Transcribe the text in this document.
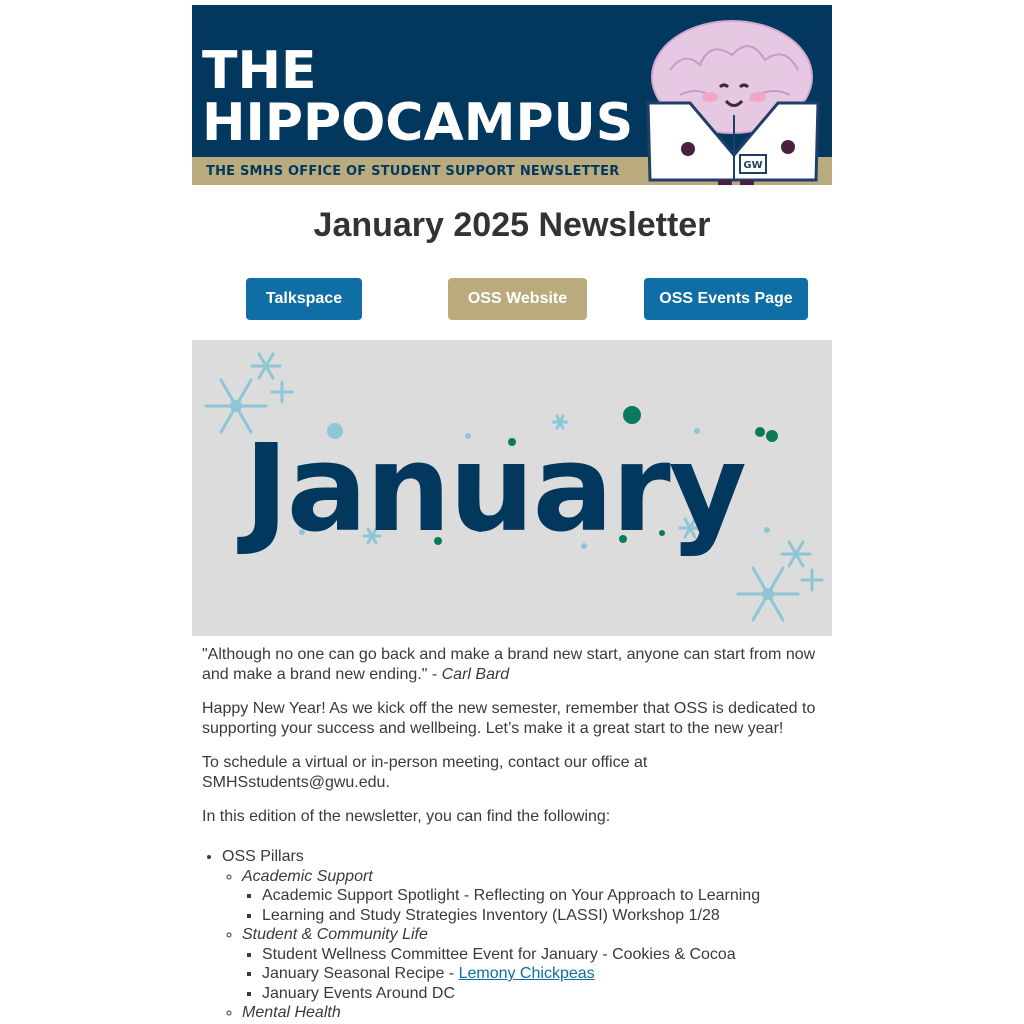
THE
HIPPOCAMPUS
THE SMHS OFFICE OF STUDENT SUPPORT NEWSLETTER	GW
January 2025 Newsletter
Talkspace	OSS Website	OSS Events Page
January

"Although no one can go back and make a brand new start, anyone can start from now and make a brand new ending." - Carl Bard

Happy New Year! As we kick off the new semester, remember that OSS is dedicated to supporting your success and wellbeing. Let’s make it a great start to the new year!

To schedule a virtual or in-person meeting, contact our office at SMHSstudents@gwu.edu.

In this edition of the newsletter, you can find the following:

• OSS Pillars
◦ Academic Support
▪ Academic Support Spotlight - Reflecting on Your Approach to Learning
▪ Learning and Study Strategies Inventory (LASSI) Workshop 1/28
◦ Student & Community Life
▪ Student Wellness Committee Event for January - Cookies & Cocoa
▪ January Seasonal Recipe - Lemony Chickpeas
▪ January Events Around DC
◦ Mental Health
